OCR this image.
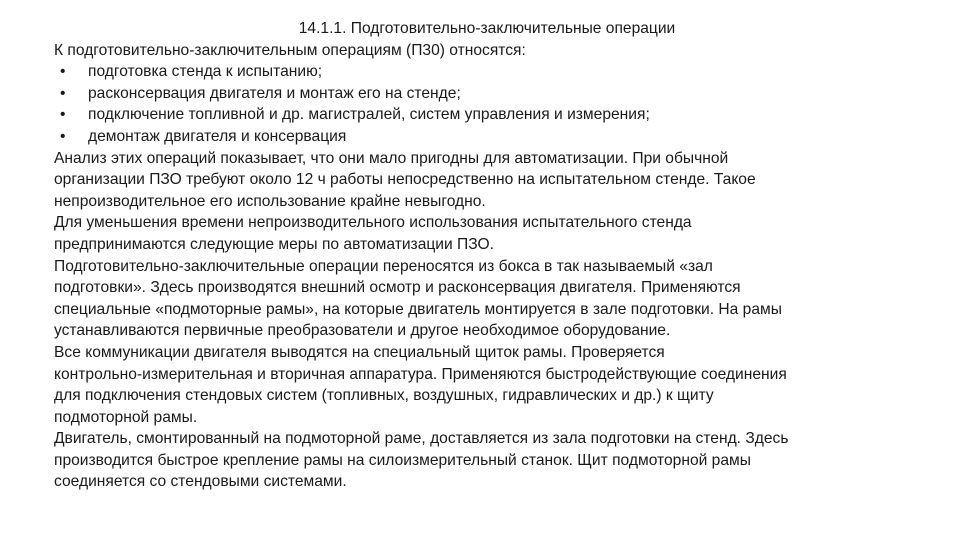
14.1.1. Подготовительно-заключительные операции
К подготовительно-заключительным операциям (П30) относятся:
• подготовка стенда к испытанию;
• расконсервация двигателя и монтаж его на стенде;
• подключение топливной и др. магистралей, систем управления и измерения;
• демонтаж двигателя и консервация
Анализ этих операций показывает, что они мало пригодны для автоматизации. При обычной
организации ПЗО требуют около 12 ч работы непосредственно на испытательном стенде. Такое
непроизводительное его использование крайне невыгодно.
Для уменьшения времени непроизводительного использования испытательного стенда
предпринимаются следующие меры по автоматизации ПЗО.
Подготовительно-заключительные операции переносятся из бокса в так называемый «зал
подготовки». Здесь производятся внешний осмотр и расконсервация двигателя. Применяются
специальные «подмоторные рамы», на которые двигатель монтируется в зале подготовки. На рамы
устанавливаются первичные преобразователи и другое необходимое оборудование.
Все коммуникации двигателя выводятся на специальный щиток рамы. Проверяется
контрольно-измерительная и вторичная аппаратура. Применяются быстродействующие соединения
для подключения стендовых систем (топливных, воздушных, гидравлических и др.) к щиту
подмоторной рамы.
Двигатель, смонтированный на подмоторной раме, доставляется из зала подготовки на стенд. Здесь
производится быстрое крепление рамы на силоизмерительный станок. Щит подмоторной рамы
соединяется со стендовыми системами.
